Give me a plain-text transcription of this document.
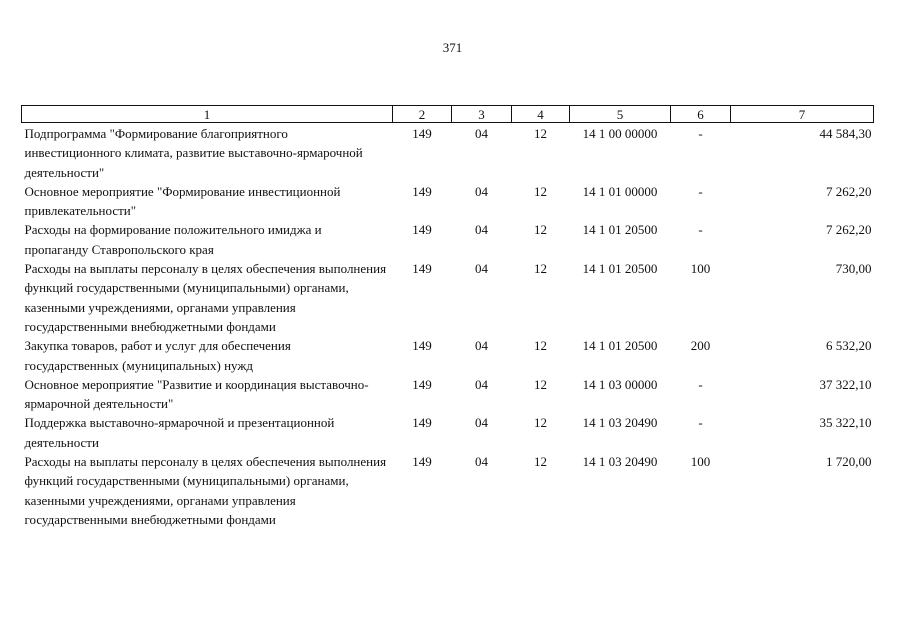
371
1	2	3	4	5	6	7
Подпрограмма "Формирование благоприятного инвестиционного климата, развитие выставочно-ярмарочной деятельности"	149	04	12	14 1 00 00000	-	44 584,30
Основное мероприятие "Формирование инвестиционной привлекательности"	149	04	12	14 1 01 00000	-	7 262,20
Расходы на формирование положительного имиджа и пропаганду Ставропольского края	149	04	12	14 1 01 20500	-	7 262,20
Расходы на выплаты персоналу в целях обеспечения выполнения функций государственными (муниципальными) органами, казенными учреждениями, органами управления государственными внебюджетными фондами	149	04	12	14 1 01 20500	100	730,00
Закупка товаров, работ и услуг для обеспечения государственных (муниципальных) нужд	149	04	12	14 1 01 20500	200	6 532,20
Основное мероприятие "Развитие и координация выставочно-ярмарочной деятельности"	149	04	12	14 1 03 00000	-	37 322,10
Поддержка выставочно-ярмарочной и презентационной деятельности	149	04	12	14 1 03 20490	-	35 322,10
Расходы на выплаты персоналу в целях обеспечения выполнения функций государственными (муниципальными) органами, казенными учреждениями, органами управления государственными внебюджетными фондами	149	04	12	14 1 03 20490	100	1 720,00
